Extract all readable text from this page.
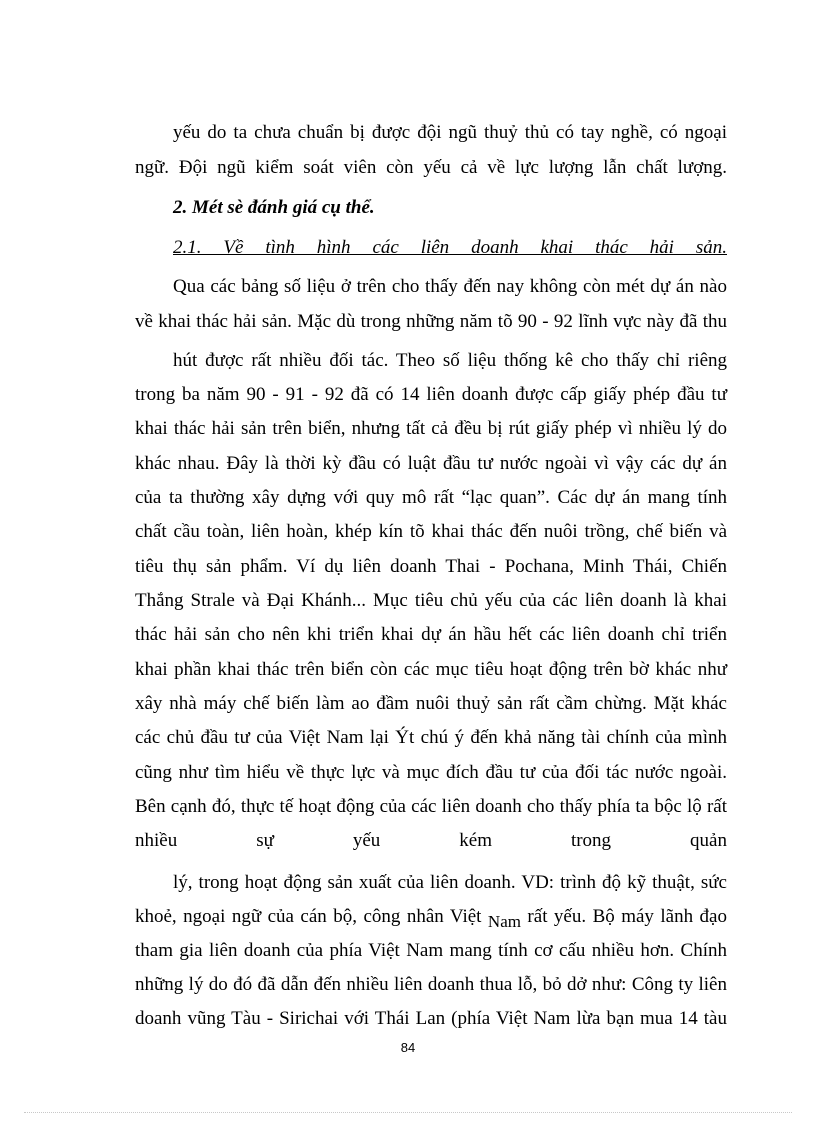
yếu do ta chưa chuẩn bị được đội ngũ thuỷ thủ có tay nghề, có ngoại
ngữ. Đội ngũ kiểm soát viên còn yếu cả về lực lượng lẫn chất lượng.
2. Mét sè đánh giá cụ thể.
2.1. Về tình hình các liên doanh khai thác hải sản.
Qua các bảng số liệu ở trên cho thấy đến nay không còn mét dự án nào
về khai thác hải sản. Mặc dù trong những năm tõ 90 - 92 lĩnh vực này đã thu
hút được rất nhiều đối tác. Theo số liệu thống kê cho thấy chỉ riêng
trong ba năm 90 - 91 - 92 đã có 14 liên doanh được cấp giấy phép đầu tư
khai thác hải sản trên biển, nhưng tất cả đều bị rút giấy phép vì nhiều lý do
khác nhau. Đây là thời kỳ đầu có luật đầu tư nước ngoài vì vậy các dự án
của ta thường xây dựng với quy mô rất “lạc quan”. Các dự án mang tính
chất cầu toàn, liên hoàn, khép kín tõ khai thác đến nuôi trồng, chế biến và
tiêu thụ sản phẩm. Ví dụ liên doanh Thai - Pochana, Minh Thái, Chiến
Thắng Strale và Đại Khánh... Mục tiêu chủ yếu của các liên doanh là khai
thác hải sản cho nên khi triển khai dự án hầu hết các liên doanh chỉ triển
khai phần khai thác trên biển còn các mục tiêu hoạt động trên bờ khác như
xây nhà máy chế biến làm ao đầm nuôi thuỷ sản rất cầm chừng. Mặt khác
các chủ đầu tư của Việt Nam lại Ýt chú ý đến khả năng tài chính của mình
cũng như tìm hiểu về thực lực và mục đích đầu tư của đối tác nước ngoài.
Bên cạnh đó, thực tế hoạt động của các liên doanh cho thấy phía ta bộc lộ rất
nhiều	sự	yếu	kém	trong	quản
lý, trong hoạt động sản xuất của liên doanh. VD: trình độ kỹ thuật, sức
khoẻ, ngoại ngữ của cán bộ, công nhân Việt Nam rất yếu. Bộ máy lãnh đạo
tham gia liên doanh của phía Việt Nam mang tính cơ cấu nhiều hơn. Chính
những lý do đó đã dẫn đến nhiều liên doanh thua lỗ, bỏ dở như: Công ty liên
doanh vũng Tàu - Sirichai với Thái Lan (phía Việt Nam lừa bạn mua 14 tàu
84
